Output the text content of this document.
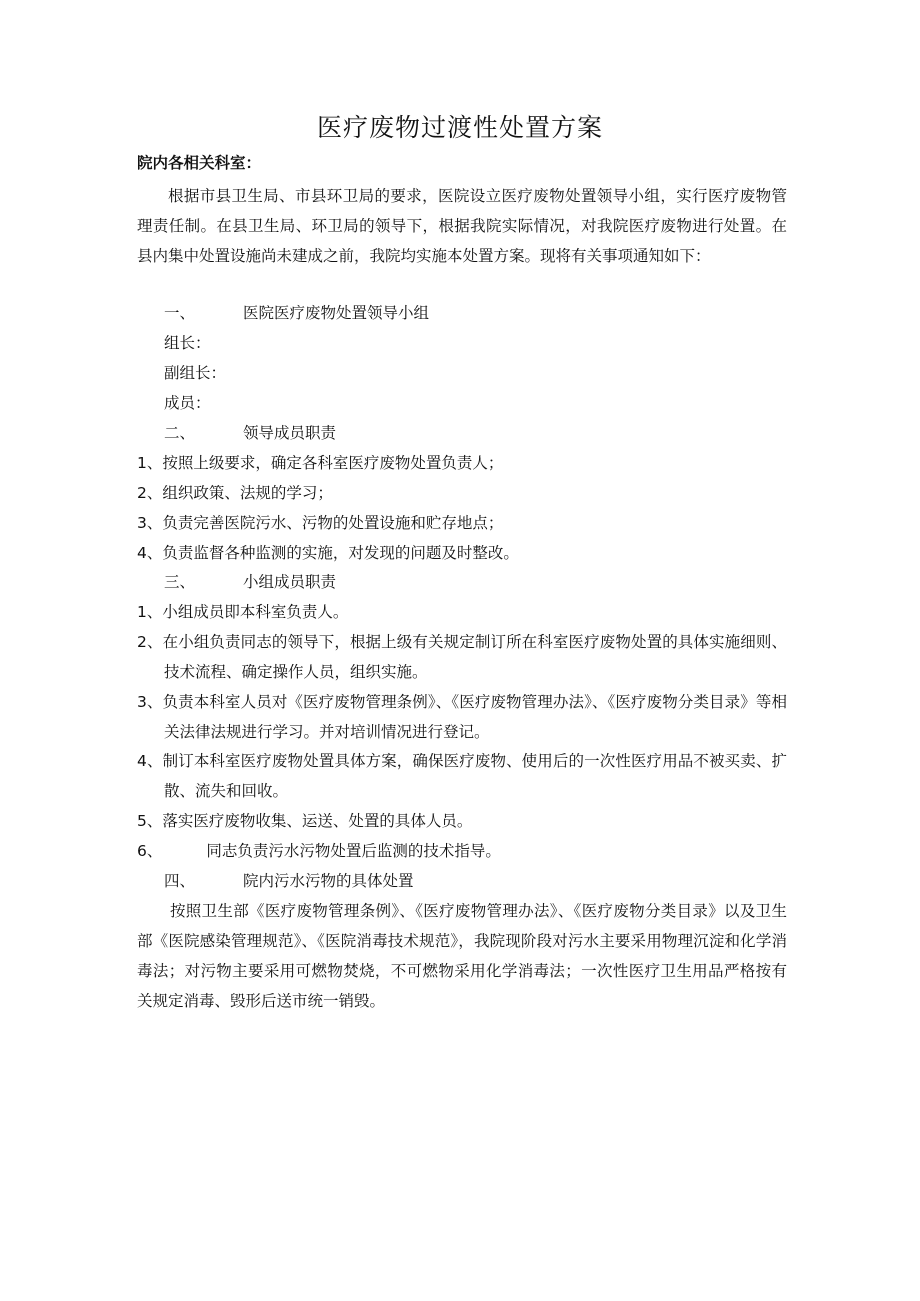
医疗废物过渡性处置方案
院内各相关科室：

根据市县卫生局、市县环卫局的要求，医院设立医疗废物处置领导小组，实行医疗废物管理责任制。在县卫生局、环卫局的领导下，根据我院实际情况，对我院医疗废物进行处置。在县内集中处置设施尚未建成之前，我院均实施本处置方案。现将有关事项通知如下：

一、	医院医疗废物处置领导小组
组长：
副组长：
成员：
二、	领导成员职责
1、按照上级要求，确定各科室医疗废物处置负责人；
2、组织政策、法规的学习；
3、负责完善医院污水、污物的处置设施和贮存地点；
4、负责监督各种监测的实施，对发现的问题及时整改。
三、	小组成员职责
1、小组成员即本科室负责人。
2、在小组负责同志的领导下，根据上级有关规定制订所在科室医疗废物处置的具体实施细则、技术流程、确定操作人员，组织实施。
3、负责本科室人员对《医疗废物管理条例》、《医疗废物管理办法》、《医疗废物分类目录》等相关法律法规进行学习。并对培训情况进行登记。
4、制订本科室医疗废物处置具体方案，确保医疗废物、使用后的一次性医疗用品不被买卖、扩散、流失和回收。
5、落实医疗废物收集、运送、处置的具体人员。
6、	同志负责污水污物处置后监测的技术指导。
四、	院内污水污物的具体处置

按照卫生部《医疗废物管理条例》、《医疗废物管理办法》、《医疗废物分类目录》以及卫生部《医院感染管理规范》、《医院消毒技术规范》，我院现阶段对污水主要采用物理沉淀和化学消毒法；对污物主要采用可燃物焚烧，不可燃物采用化学消毒法；一次性医疗卫生用品严格按有关规定消毒、毁形后送市统一销毁。
